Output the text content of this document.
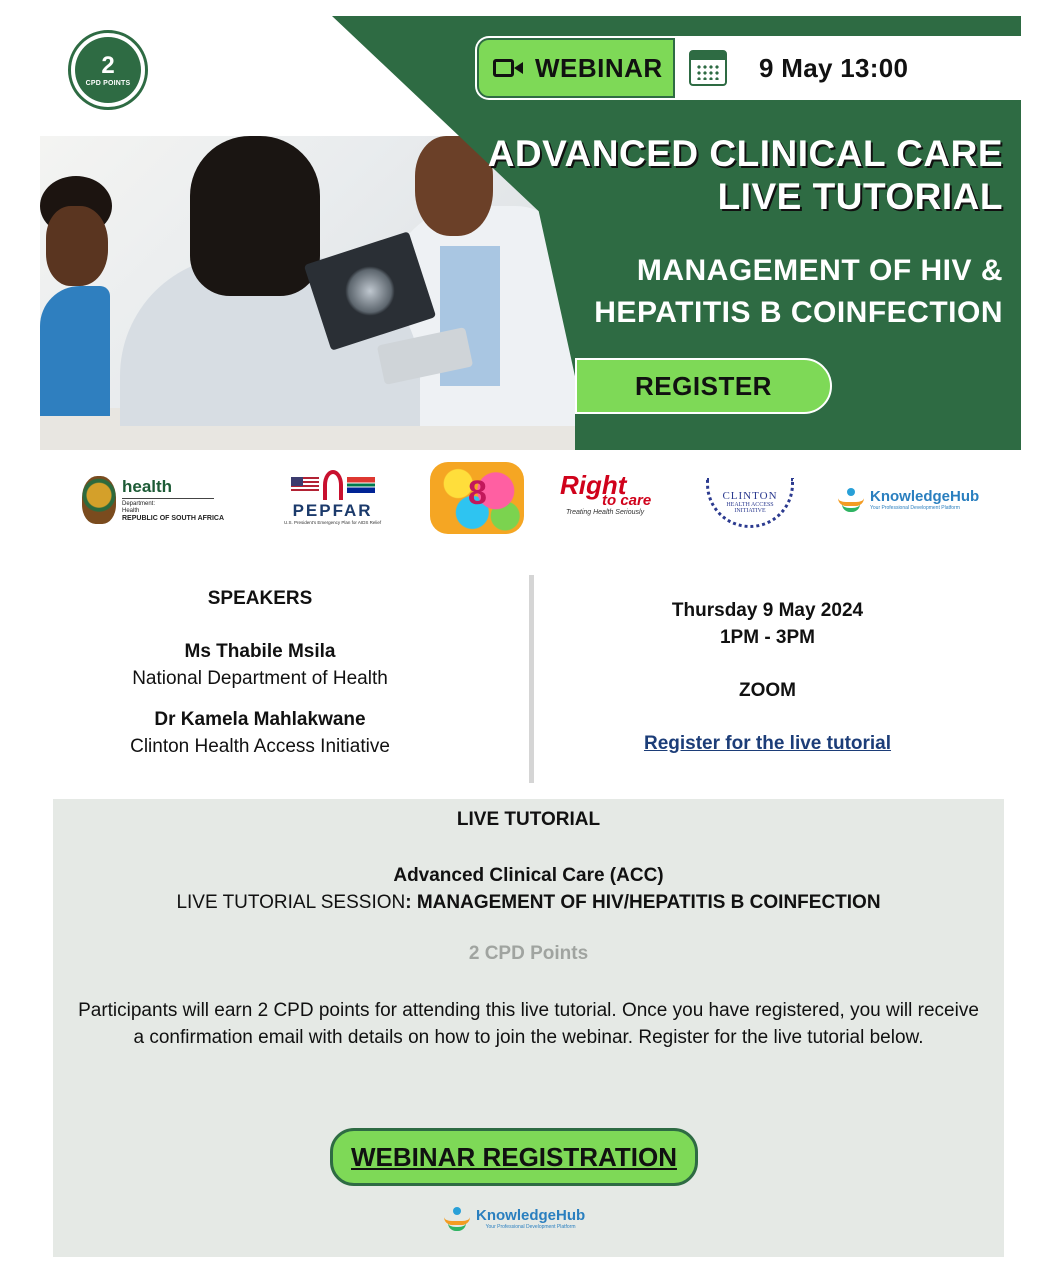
2
CPD POINTS
WEBINAR	9 May 13:00
ADVANCED CLINICAL CARE
LIVE TUTORIAL
MANAGEMENT OF HIV &
HEPATITIS B COINFECTION
REGISTER
health
Department:
Health
REPUBLIC OF SOUTH AFRICA	PEPFAR
U.S. President's Emergency Plan for AIDS Relief
8
Right
to care
Treating Health Seriously
CLINTON
HEALTH ACCESS
INITIATIVE
KnowledgeHub
Your Professional Development Platform
SPEAKERS
Ms Thabile Msila
National Department of Health
Dr Kamela Mahlakwane
Clinton Health Access Initiative
Thursday 9 May 2024
1PM - 3PM
ZOOM
Register for the live tutorial
LIVE TUTORIAL
Advanced Clinical Care (ACC)
LIVE TUTORIAL SESSION: MANAGEMENT OF HIV/HEPATITIS B COINFECTION
2 CPD Points
Participants will earn 2 CPD points for attending this live tutorial. Once you have registered, you will receive a confirmation email with details on how to join the webinar. Register for the live tutorial below.
WEBINAR REGISTRATION
KnowledgeHub
Your Professional Development Platform
